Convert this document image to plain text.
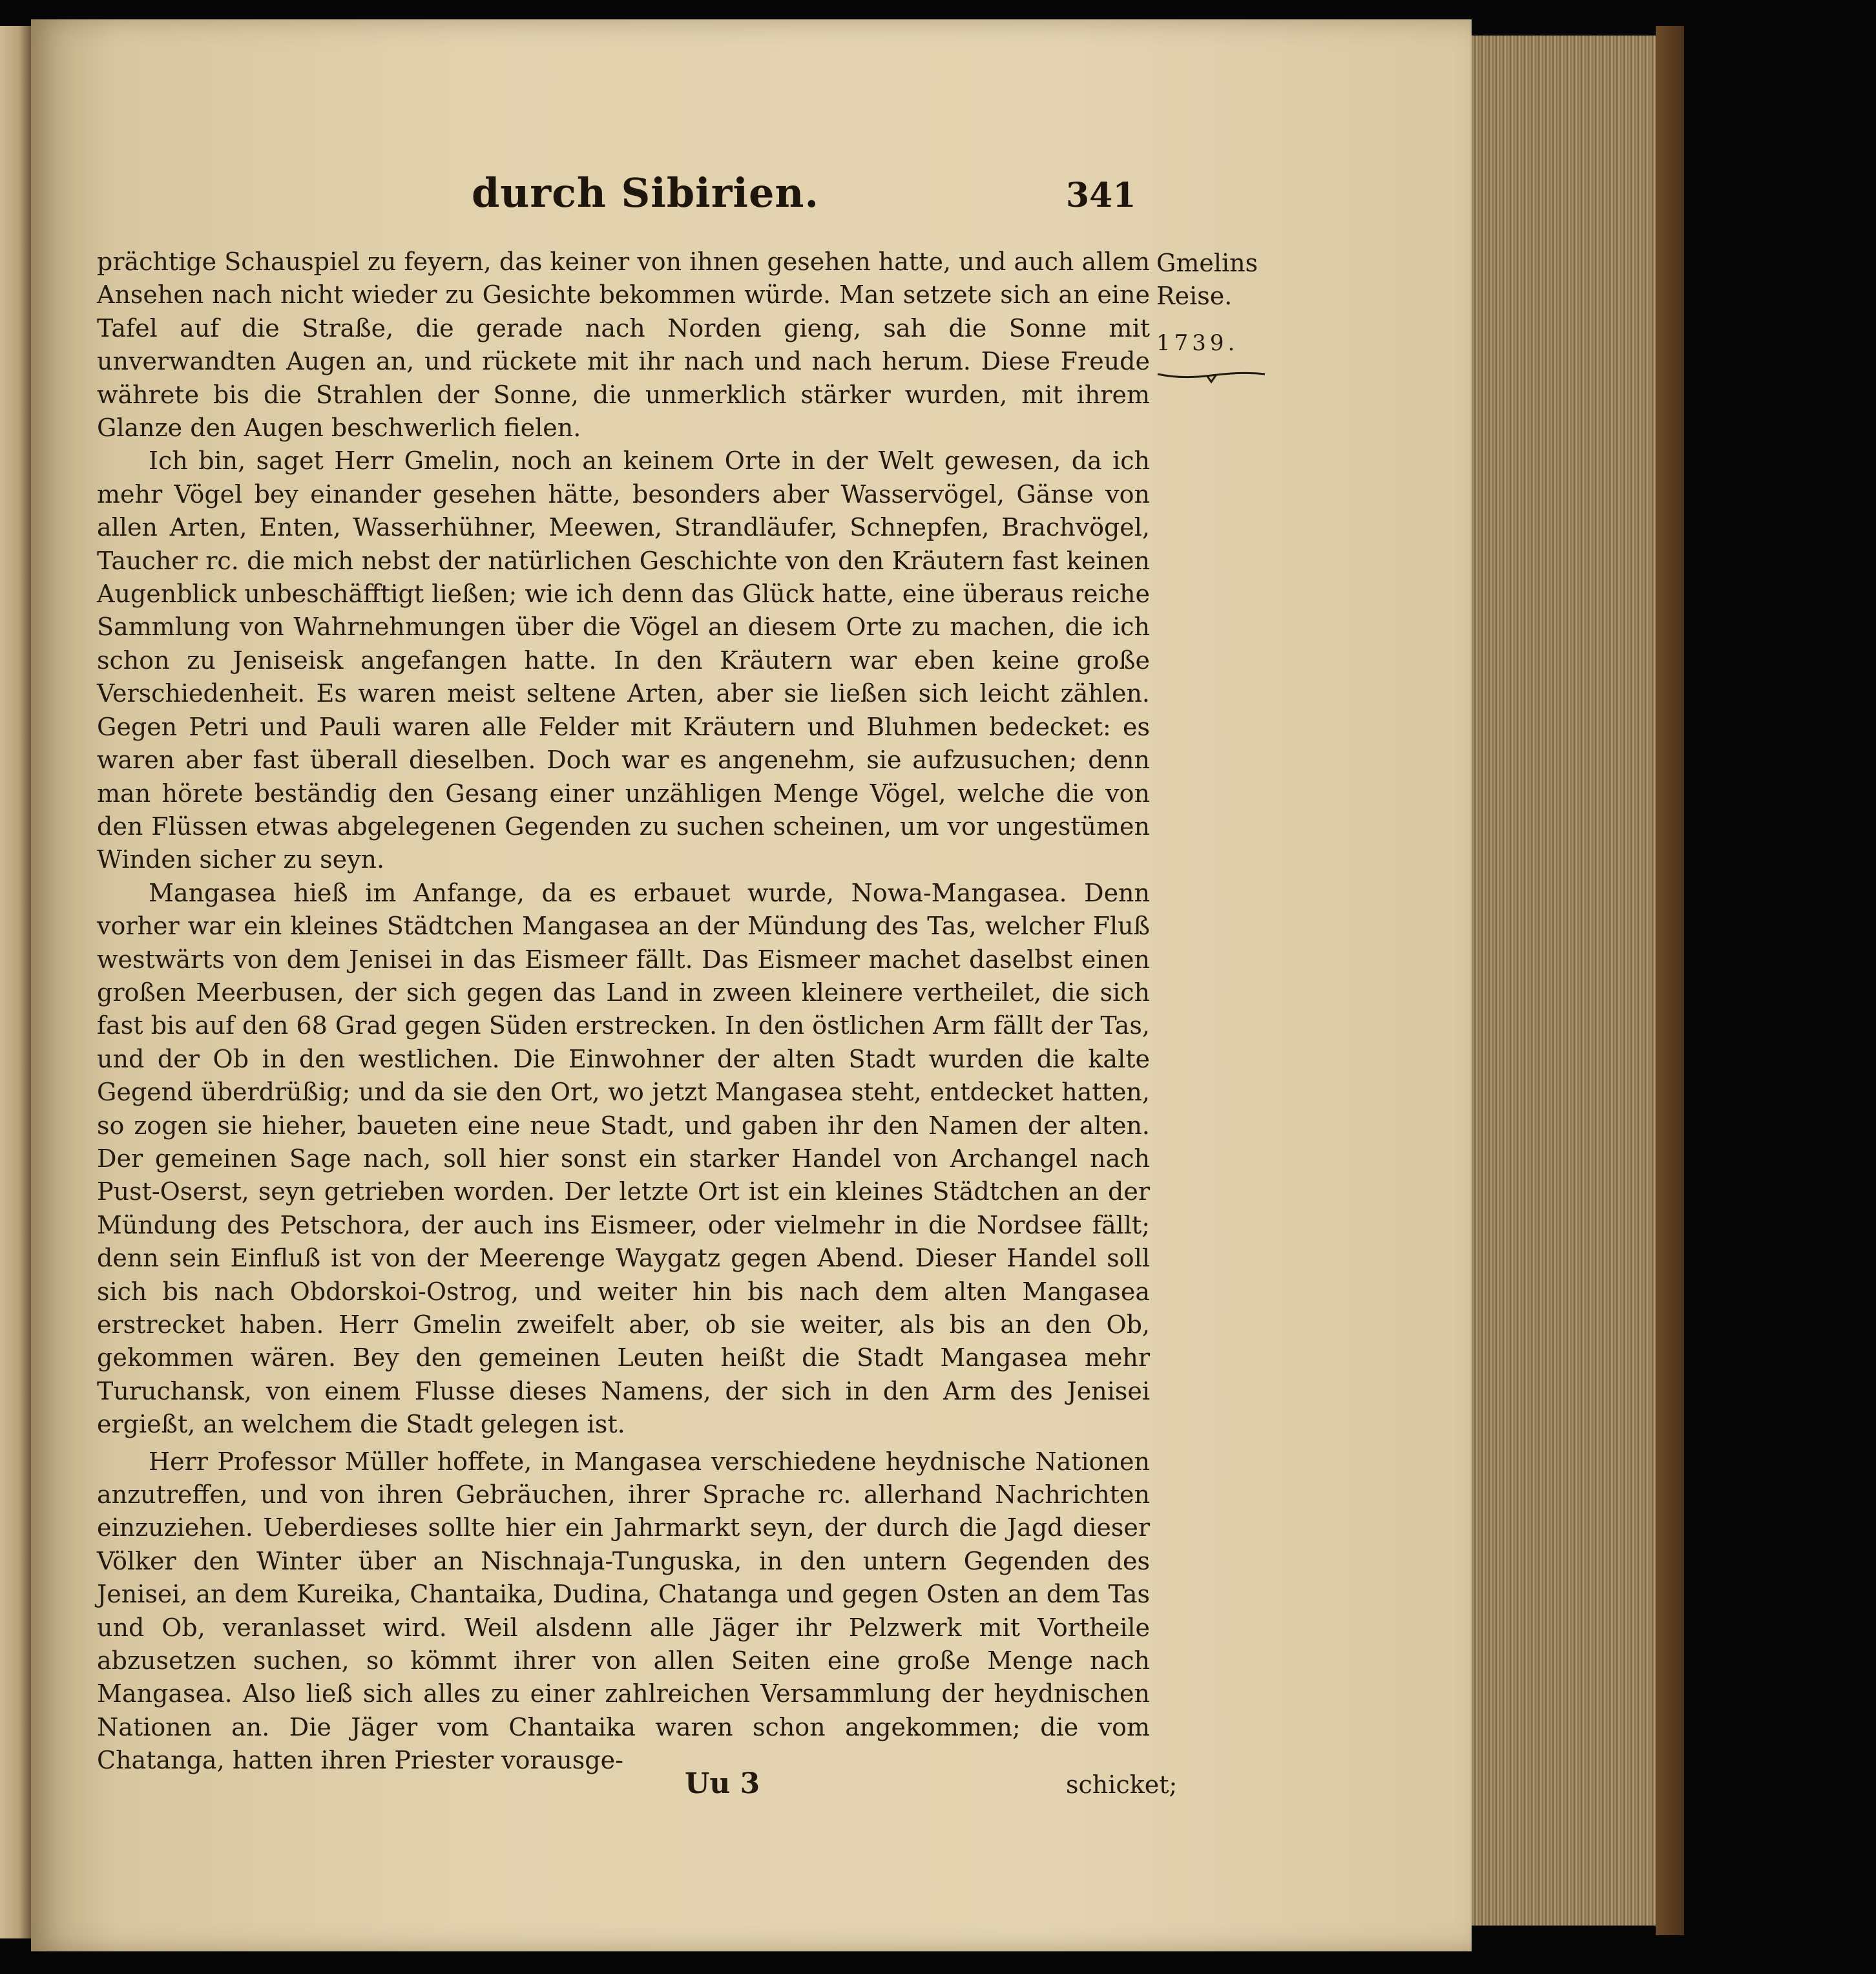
durch Sibirien.	341

prächtige Schauspiel zu feyern, das keiner von ihnen gesehen hatte, und auch allem Ansehen nach nicht wieder zu Gesichte bekommen würde. Man setzete sich an eine Tafel auf die Straße, die gerade nach Norden gieng, sah die Sonne mit unverwandten Augen an, und rückete mit ihr nach und nach herum. Diese Freude währete bis die Strahlen der Sonne, die unmerklich stärker wurden, mit ihrem Glanze den Augen beschwerlich fielen.

Ich bin, saget Herr Gmelin, noch an keinem Orte in der Welt gewesen, da ich mehr Vögel bey einander gesehen hätte, besonders aber Wasservögel, Gänse von allen Arten, Enten, Wasserhühner, Meewen, Strandläufer, Schnepfen, Brachvögel, Taucher rc. die mich nebst der natürlichen Geschichte von den Kräutern fast keinen Augenblick unbeschäfftigt ließen; wie ich denn das Glück hatte, eine überaus reiche Sammlung von Wahrnehmungen über die Vögel an diesem Orte zu machen, die ich schon zu Jeniseisk angefangen hatte. In den Kräutern war eben keine große Verschiedenheit. Es waren meist seltene Arten, aber sie ließen sich leicht zählen. Gegen Petri und Pauli waren alle Felder mit Kräutern und Bluhmen bedecket: es waren aber fast überall dieselben. Doch war es angenehm, sie aufzusuchen; denn man hörete beständig den Gesang einer unzähligen Menge Vögel, welche die von den Flüssen etwas abgelegenen Gegenden zu suchen scheinen, um vor ungestümen Winden sicher zu seyn.

Mangasea hieß im Anfange, da es erbauet wurde, Nowa-Mangasea. Denn vorher war ein kleines Städtchen Mangasea an der Mündung des Tas, welcher Fluß westwärts von dem Jenisei in das Eismeer fällt. Das Eismeer machet daselbst einen großen Meerbusen, der sich gegen das Land in zween kleinere vertheilet, die sich fast bis auf den 68 Grad gegen Süden erstrecken. In den östlichen Arm fällt der Tas, und der Ob in den westlichen. Die Einwohner der alten Stadt wurden die kalte Gegend überdrüßig; und da sie den Ort, wo jetzt Mangasea steht, entdecket hatten, so zogen sie hieher, baueten eine neue Stadt, und gaben ihr den Namen der alten. Der gemeinen Sage nach, soll hier sonst ein starker Handel von Archangel nach Pust-Oserst, seyn getrieben worden. Der letzte Ort ist ein kleines Städtchen an der Mündung des Petschora, der auch ins Eismeer, oder vielmehr in die Nordsee fällt; denn sein Einfluß ist von der Meerenge Waygatz gegen Abend. Dieser Handel soll sich bis nach Obdorskoi-Ostrog, und weiter hin bis nach dem alten Mangasea erstrecket haben. Herr Gmelin zweifelt aber, ob sie weiter, als bis an den Ob, gekommen wären. Bey den gemeinen Leuten heißt die Stadt Mangasea mehr Turuchansk, von einem Flusse dieses Namens, der sich in den Arm des Jenisei ergießt, an welchem die Stadt gelegen ist.

Herr Professor Müller hoffete, in Mangasea verschiedene heydnische Nationen anzutreffen, und von ihren Gebräuchen, ihrer Sprache rc. allerhand Nachrichten einzuziehen. Ueberdieses sollte hier ein Jahrmarkt seyn, der durch die Jagd dieser Völker den Winter über an Nischnaja-Tunguska, in den untern Gegenden des Jenisei, an dem Kureika, Chantaika, Dudina, Chatanga und gegen Osten an dem Tas und Ob, veranlasset wird. Weil alsdenn alle Jäger ihr Pelzwerk mit Vortheile abzusetzen suchen, so kömmt ihrer von allen Seiten eine große Menge nach Mangasea. Also ließ sich alles zu einer zahlreichen Versammlung der heydnischen Nationen an. Die Jäger vom Chantaika waren schon angekommen; die vom Chatanga, hatten ihren Priester vorausge-

Gmelins
Reise.
1739.
Uu 3	schicket;
